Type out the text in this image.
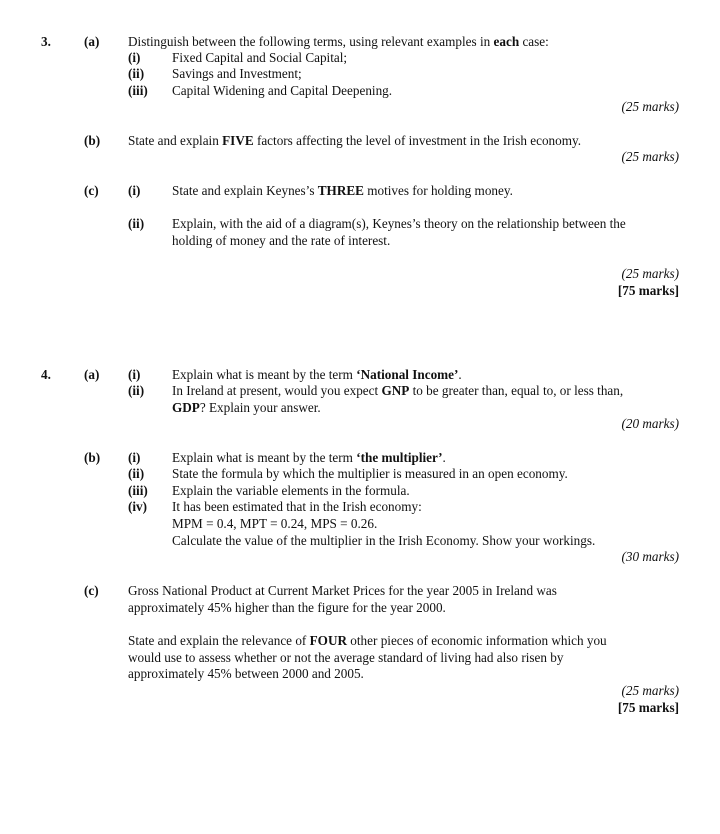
3.	(a) Distinguish between the following terms, using relevant examples in each case:
(i) Fixed Capital and Social Capital;
(ii) Savings and Investment;
(iii) Capital Widening and Capital Deepening.
(25 marks)
(b) State and explain FIVE factors affecting the level of investment in the Irish economy.
(25 marks)
(c) (i) State and explain Keynes’s THREE motives for holding money.
(ii) Explain, with the aid of a diagram(s), Keynes’s theory on the relationship between the
holding of money and the rate of interest.
(25 marks)
[75 marks]
4.	(a) (i) Explain what is meant by the term ‘National Income’.
(ii) In Ireland at present, would you expect GNP to be greater than, equal to, or less than,
GDP? Explain your answer.
(20 marks)
(b) (i) Explain what is meant by the term ‘the multiplier’.
(ii) State the formula by which the multiplier is measured in an open economy.
(iii) Explain the variable elements in the formula.
(iv) It has been estimated that in the Irish economy:
MPM = 0.4, MPT = 0.24, MPS = 0.26.
Calculate the value of the multiplier in the Irish Economy. Show your workings.
(30 marks)
(c) Gross National Product at Current Market Prices for the year 2005 in Ireland was
approximately 45% higher than the figure for the year 2000.
State and explain the relevance of FOUR other pieces of economic information which you
would use to assess whether or not the average standard of living had also risen by
approximately 45% between 2000 and 2005.
(25 marks)
[75 marks]
